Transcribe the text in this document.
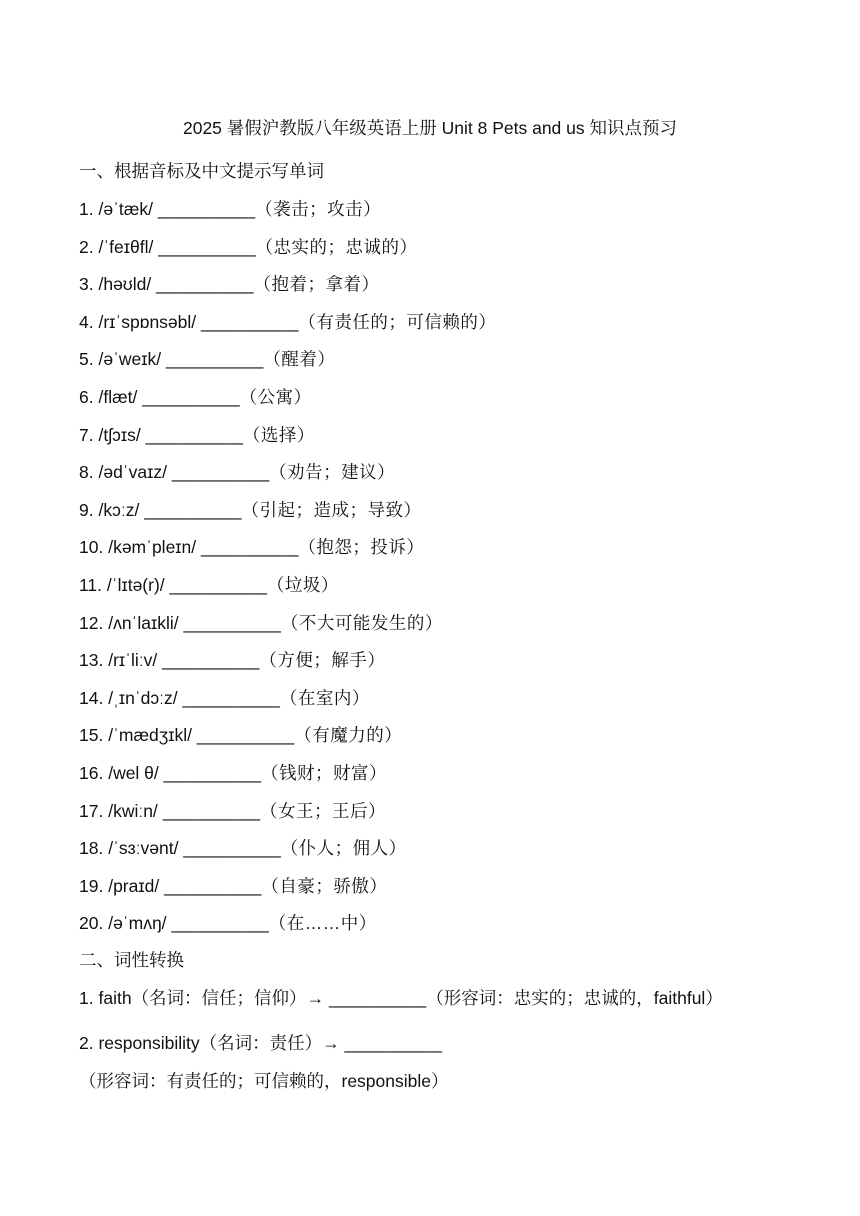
2025 暑假沪教版八年级英语上册 Unit 8 Pets and us 知识点预习
一、根据音标及中文提示写单词
1. /əˈtæk/ __________（袭击；攻击）
2. /ˈfeɪθfl/ __________（忠实的；忠诚的）
3. /həʊld/ __________（抱着；拿着）
4. /rɪˈspɒnsəbl/ __________（有责任的；可信赖的）
5. /əˈweɪk/ __________（醒着）
6. /flæt/ __________（公寓）
7. /tʃɔɪs/ __________（选择）
8. /ədˈvaɪz/ __________（劝告；建议）
9. /kɔːz/ __________（引起；造成；导致）
10. /kəmˈpleɪn/ __________（抱怨；投诉）
11. /ˈlɪtə(r)/ __________（垃圾）
12. /ʌnˈlaɪkli/ __________（不大可能发生的）
13. /rɪˈliːv/ __________（方便；解手）
14. /ˌɪnˈdɔːz/ __________（在室内）
15. /ˈmædʒɪkl/ __________（有魔力的）
16. /wel θ/ __________（钱财；财富）
17. /kwiːn/ __________（女王；王后）
18. /ˈsɜːvənt/ __________（仆人；佣人）
19. /praɪd/ __________（自豪；骄傲）
20. /əˈmʌŋ/ __________（在……中）
二、词性转换
1. faith（名词：信任；信仰）→ __________（形容词：忠实的；忠诚的，faithful）
2. responsibility（名词：责任）→ __________（形容词：有责任的；可信赖的，responsible）
